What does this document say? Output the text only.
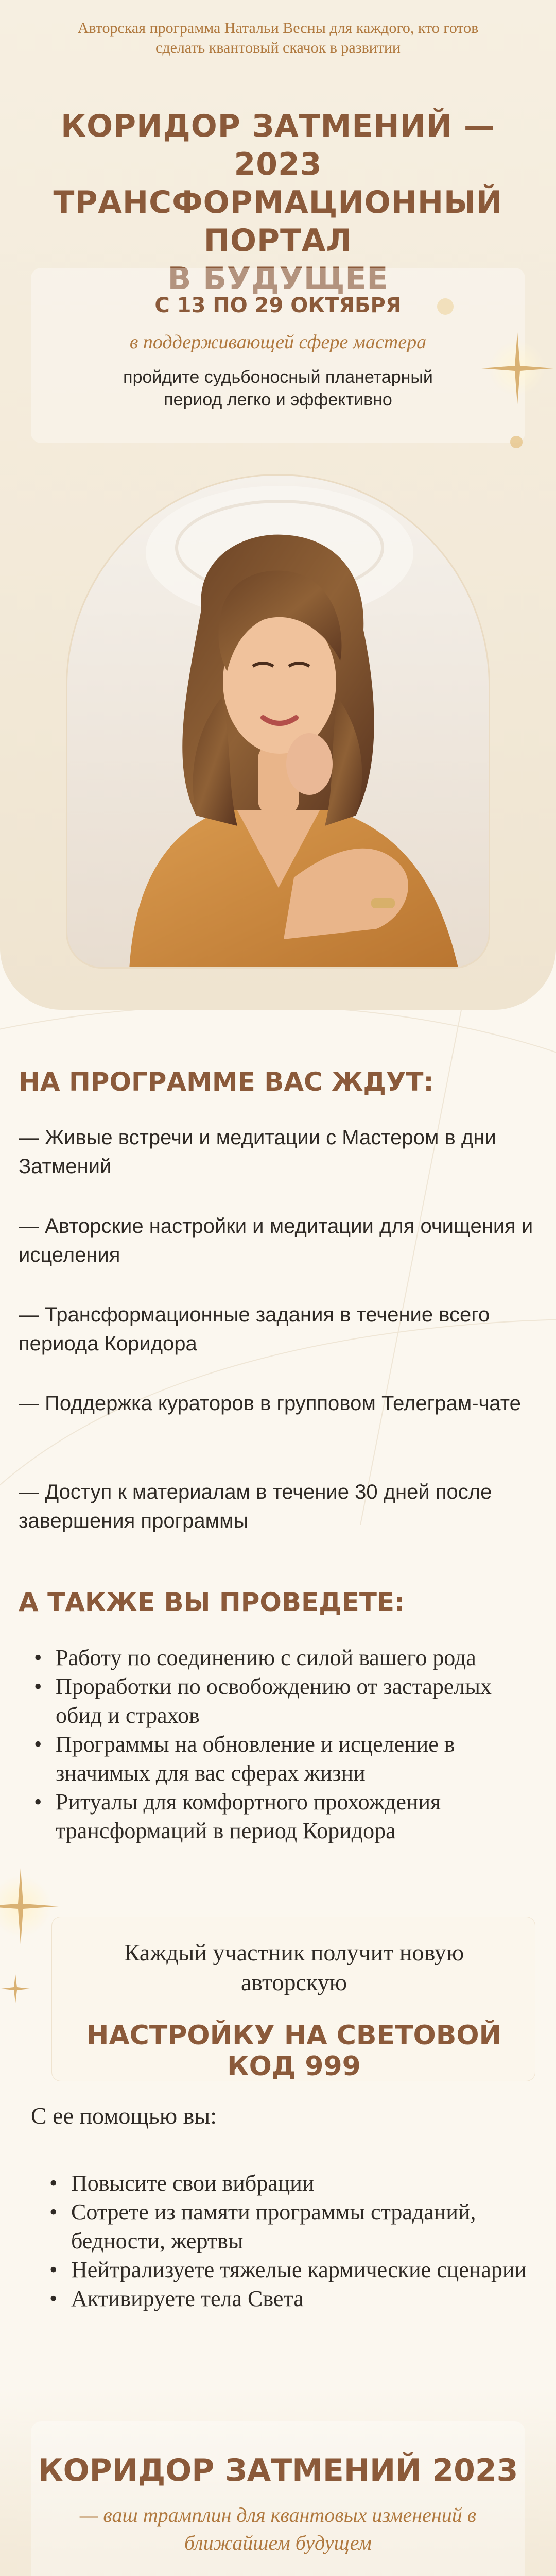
Авторская программа Натальи Весны для каждого, кто готов сделать квантовый скачок в развитии
КОРИДОР ЗАТМЕНИЙ — 2023
ТРАНСФОРМАЦИОННЫЙ ПОРТАЛ
В БУДУЩЕЕ
С 13 ПО 29 ОКТЯБРЯ
в поддерживающей сфере мастера
пройдите судьбоносный планетарный период легко и эффективно
НА ПРОГРАММЕ ВАС ЖДУТ:
— Живые встречи и медитации с Мастером в дни Затмений
— Авторские настройки и медитации для очищения и исцеления
— Трансформационные задания в течение всего периода Коридора
— Поддержка кураторов в групповом Телеграм-чате
— Доступ к материалам в течение 30 дней после завершения программы
А ТАКЖЕ ВЫ ПРОВЕДЕТЕ:
• Работу по соединению с силой вашего рода
• Проработки по освобождению от застарелых обид и страхов
• Программы на обновление и исцеление в значимых для вас сферах жизни
• Ритуалы для комфортного прохождения трансформаций в период Коридора
Каждый участник получит новую авторскую
НАСТРОЙКУ НА СВЕТОВОЙ КОД 999
С ее помощью вы:
• Повысите свои вибрации
• Сотрете из памяти программы страданий, бедности, жертвы
• Нейтрализуете тяжелые кармические сценарии
• Активируете тела Света
КОРИДОР ЗАТМЕНИЙ 2023
— ваш трамплин для квантовых изменений в ближайшем будущем
